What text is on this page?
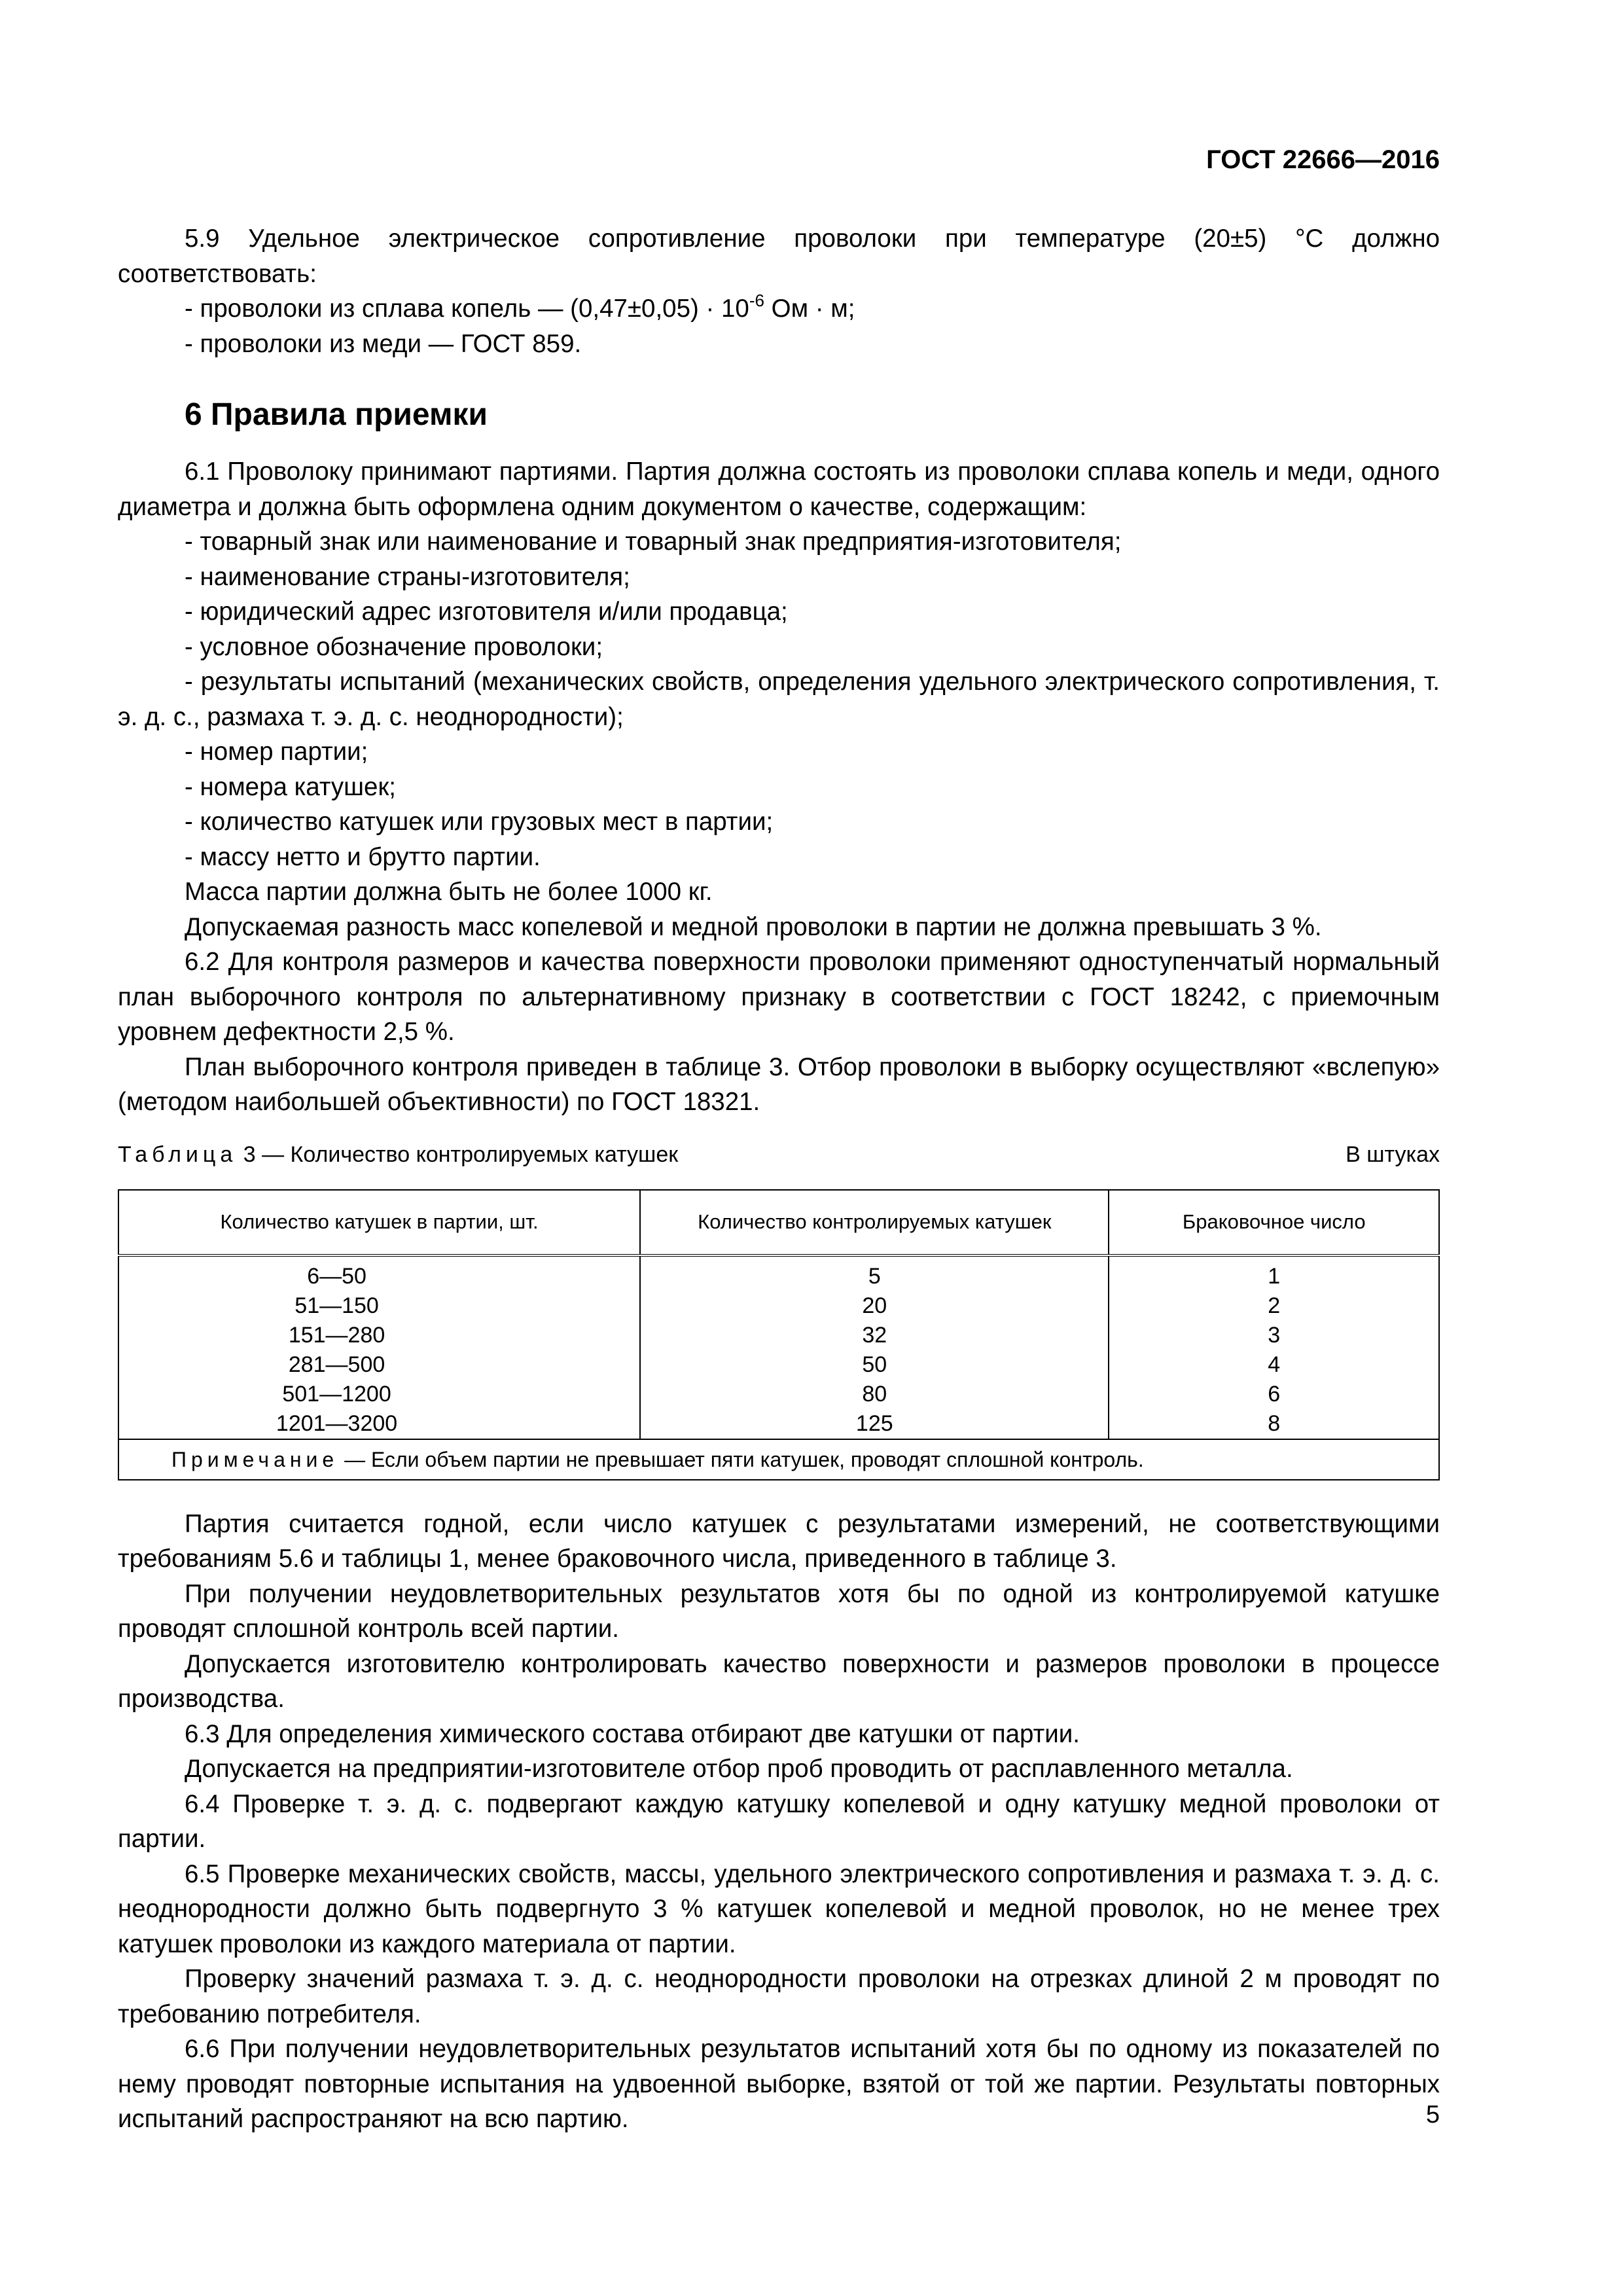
ГОСТ 22666—2016

5.9 Удельное электрическое сопротивление проволоки при температуре (20±5) °С должно соответствовать:

- проволоки из сплава копель — $(0,47\pm 0,05) \cdot 10^{-6}$ Ом · м;

- проволоки из меди — ГОСТ 859.

6 Правила приемки

6.1 Проволоку принимают партиями. Партия должна состоять из проволоки сплава копель и меди, одного диаметра и должна быть оформлена одним документом о качестве, содержащим:

- товарный знак или наименование и товарный знак предприятия-изготовителя;

- наименование страны-изготовителя;

- юридический адрес изготовителя и/или продавца;

- условное обозначение проволоки;

- результаты испытаний (механических свойств, определения удельного электрического сопротивления, т. э. д. с., размаха т. э. д. с. неоднородности);

- номер партии;

- номера катушек;

- количество катушек или грузовых мест в партии;

- массу нетто и брутто партии.

Масса партии должна быть не более 1000 кг.

Допускаемая разность масс копелевой и медной проволоки в партии не должна превышать 3 %.

6.2 Для контроля размеров и качества поверхности проволоки применяют одноступенчатый нормальный план выборочного контроля по альтернативному признаку в соответствии с ГОСТ 18242, с приемочным уровнем дефектности 2,5 %.

План выборочного контроля приведен в таблице 3. Отбор проволоки в выборку осуществляют «вслепую» (методом наибольшей объективности) по ГОСТ 18321.

Таблица 3 — Количество контролируемых катушек	В штуках
Количество катушек в партии, шт.	Количество контролируемых катушек	Браковочное число
6—50	5	1
51—150	20	2
151—280	32	3
281—500	50	4
501—1200	80	6
1201—3200	125	8
Примечание — Если объем партии не превышает пяти катушек, проводят сплошной контроль.		

Партия считается годной, если число катушек с результатами измерений, не соответствующими требованиям 5.6 и таблицы 1, менее браковочного числа, приведенного в таблице 3.

При получении неудовлетворительных результатов хотя бы по одной из контролируемой катушке проводят сплошной контроль всей партии.

Допускается изготовителю контролировать качество поверхности и размеров проволоки в процессе производства.

6.3 Для определения химического состава отбирают две катушки от партии.

Допускается на предприятии-изготовителе отбор проб проводить от расплавленного металла.

6.4 Проверке т. э. д. с. подвергают каждую катушку копелевой и одну катушку медной проволоки от партии.

6.5 Проверке механических свойств, массы, удельного электрического сопротивления и размаха т. э. д. с. неоднородности должно быть подвергнуто 3 % катушек копелевой и медной проволок, но не менее трех катушек проволоки из каждого материала от партии.

Проверку значений размаха т. э. д. с. неоднородности проволоки на отрезках длиной 2 м проводят по требованию потребителя.

6.6 При получении неудовлетворительных результатов испытаний хотя бы по одному из показателей по нему проводят повторные испытания на удвоенной выборке, взятой от той же партии. Результаты повторных испытаний распространяют на всю партию.	5
